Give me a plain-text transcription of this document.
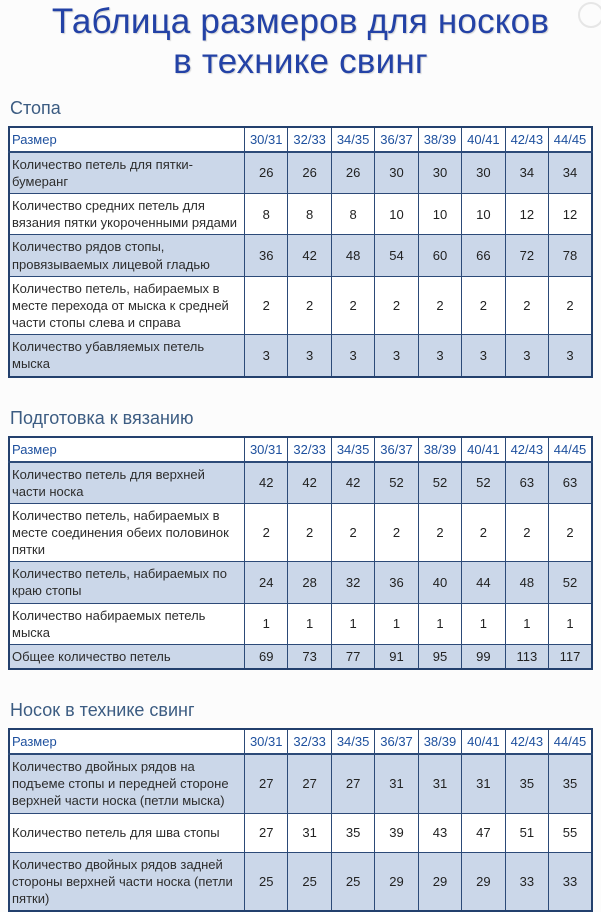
Таблица размеров для носков
в технике свинг
Стопа
Размер	30/31	32/33	34/35	36/37	38/39	40/41	42/43	44/45
Количество петель для пятки-бумеранг	26	26	26	30	30	30	34	34
Количество средних петель для вязания пятки укороченными рядами	8	8	8	10	10	10	12	12
Количество рядов стопы, провязываемых лицевой гладью	36	42	48	54	60	66	72	78
Количество петель, набираемых в месте перехода от мыска к средней части стопы слева и справа	2	2	2	2	2	2	2	2
Количество убавляемых петель мыска	3	3	3	3	3	3	3	3
Подготовка к вязанию
Размер	30/31	32/33	34/35	36/37	38/39	40/41	42/43	44/45
Количество петель для верхней части носка	42	42	42	52	52	52	63	63
Количество петель, набираемых в месте соединения обеих половинок пятки	2	2	2	2	2	2	2	2
Количество петель, набираемых по краю стопы	24	28	32	36	40	44	48	52
Количество набираемых петель мыска	1	1	1	1	1	1	1	1
Общее количество петель	69	73	77	91	95	99	113	117
Носок в технике свинг
Размер	30/31	32/33	34/35	36/37	38/39	40/41	42/43	44/45
Количество двойных рядов на подъеме стопы и передней стороне верхней части носка (петли мыска)	27	27	27	31	31	31	35	35
Количество петель для шва стопы	27	31	35	39	43	47	51	55
Количество двойных рядов задней стороны верхней части носка (петли пятки)	25	25	25	29	29	29	33	33
